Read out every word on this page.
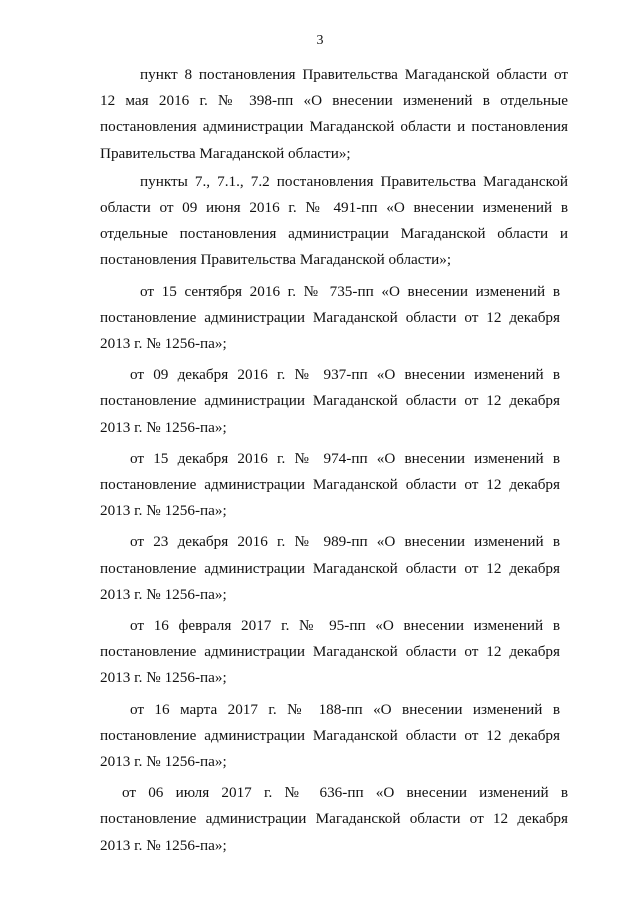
3

пункт 8 постановления Правительства Магаданской области от 12 мая 2016 г. № 398-пп «О внесении изменений в отдельные постановления администрации Магаданской области и постановления Правительства Магаданской области»;

пункты 7., 7.1., 7.2 постановления Правительства Магаданской области от 09 июня 2016 г. № 491-пп «О внесении изменений в отдельные постановления администрации Магаданской области и постановления Правительства Магаданской области»;

от 15 сентября 2016 г. № 735-пп «О внесении изменений в постановление администрации Магаданской области от 12 декабря 2013 г. № 1256-па»;

от 09 декабря 2016 г. № 937-пп «О внесении изменений в постановление администрации Магаданской области от 12 декабря 2013 г. № 1256-па»;

от 15 декабря 2016 г. № 974-пп «О внесении изменений в постановление администрации Магаданской области от 12 декабря 2013 г. № 1256-па»;

от 23 декабря 2016 г. № 989-пп «О внесении изменений в постановление администрации Магаданской области от 12 декабря 2013 г. № 1256-па»;

от 16 февраля 2017 г. № 95-пп «О внесении изменений в постановление администрации Магаданской области от 12 декабря 2013 г. № 1256-па»;

от 16 марта 2017 г. № 188-пп «О внесении изменений в постановление администрации Магаданской области от 12 декабря 2013 г. № 1256-па»;

от 06 июля 2017 г. № 636-пп «О внесении изменений в постановление администрации Магаданской области от 12 декабря 2013 г. № 1256-па»;
